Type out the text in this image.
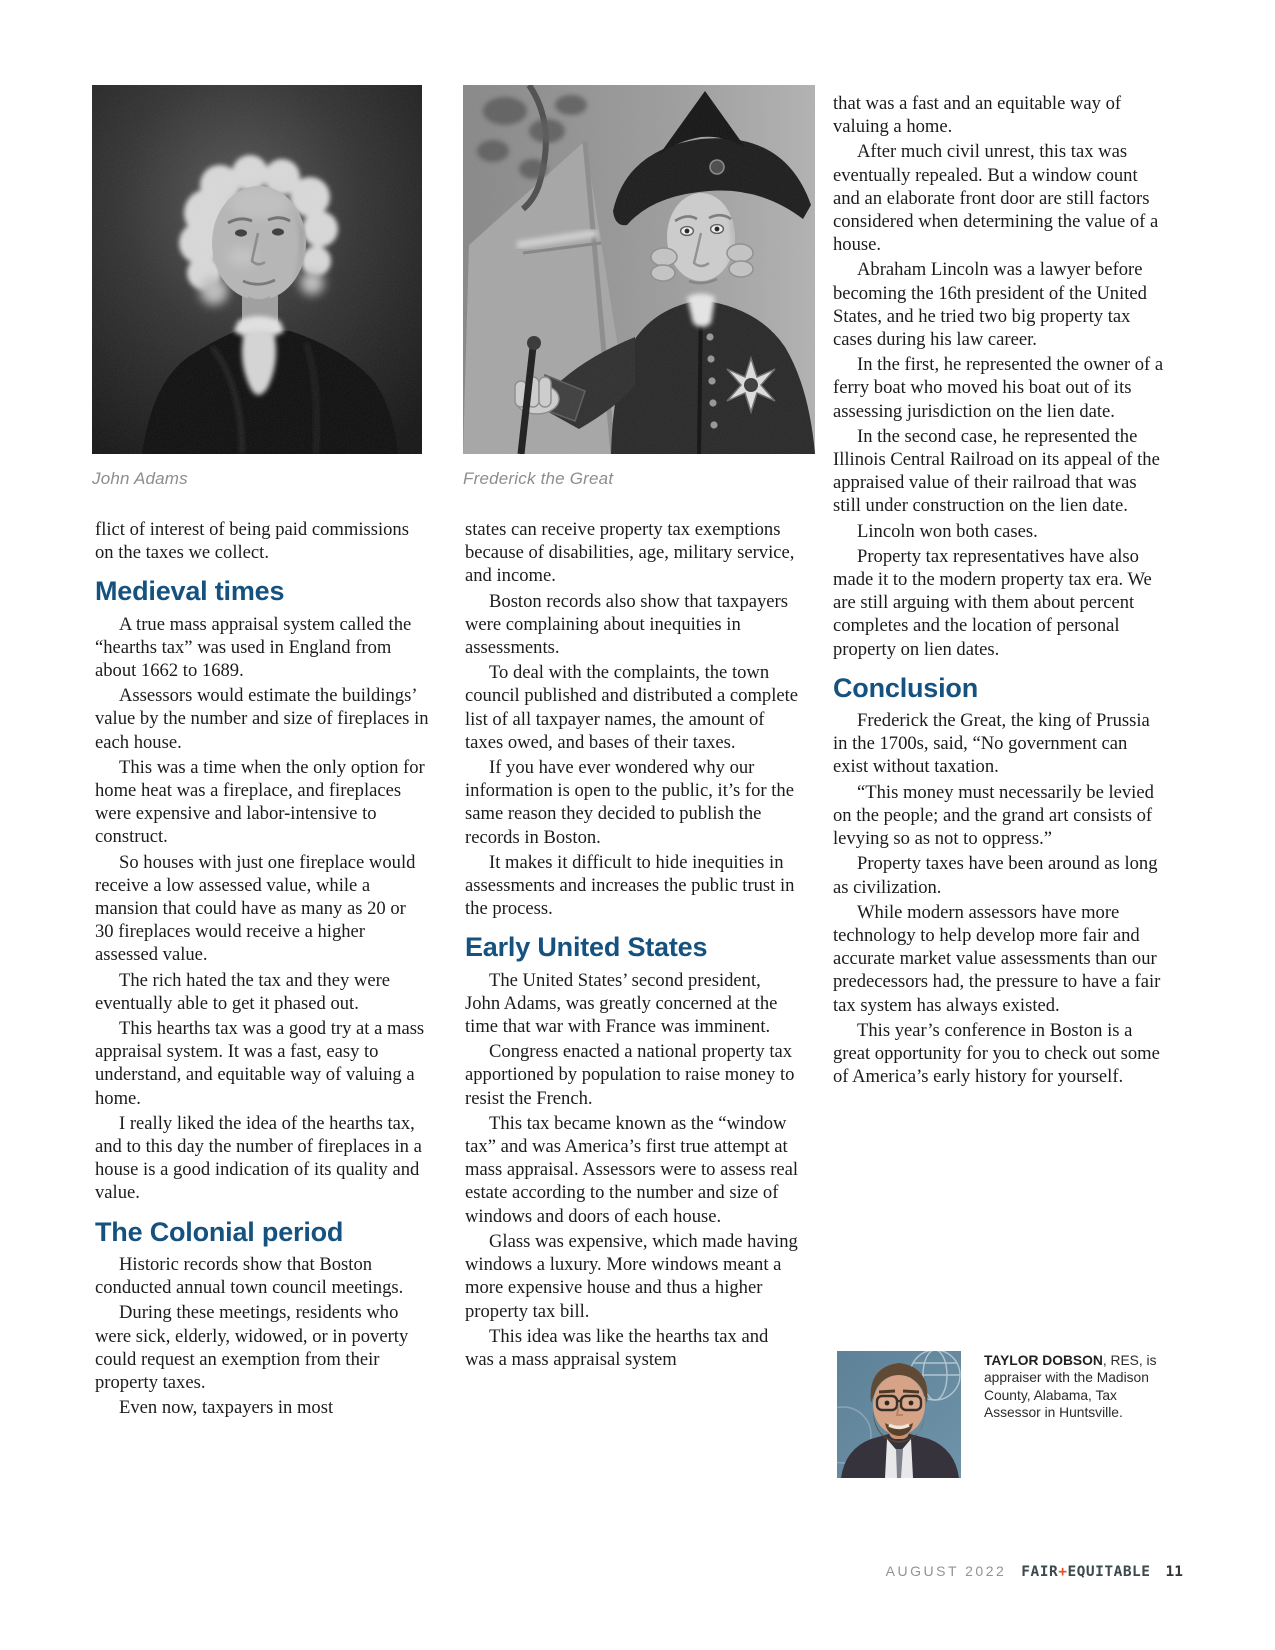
John Adams	Frederick the Great

flict of interest of being paid commissions on the taxes we collect.

Medieval times

A true mass appraisal system called the “hearths tax” was used in England from about 1662 to 1689.

Assessors would estimate the buildings’ value by the number and size of fireplaces in each house.

This was a time when the only option for home heat was a fireplace, and fireplaces were expensive and labor-intensive to construct.

So houses with just one fireplace would receive a low assessed value, while a mansion that could have as many as 20 or 30 fireplaces would receive a higher assessed value.

The rich hated the tax and they were eventually able to get it phased out.

This hearths tax was a good try at a mass appraisal system. It was a fast, easy to understand, and equitable way of valuing a home.

I really liked the idea of the hearths tax, and to this day the number of fireplaces in a house is a good indication of its quality and value.

The Colonial period

Historic records show that Boston conducted annual town council meetings.

During these meetings, residents who were sick, elderly, widowed, or in poverty could request an exemption from their property taxes.

Even now, taxpayers in most

states can receive property tax exemptions because of disabilities, age, military service, and income.

Boston records also show that taxpayers were complaining about inequities in assessments.

To deal with the complaints, the town council published and distributed a complete list of all taxpayer names, the amount of taxes owed, and bases of their taxes.

If you have ever wondered why our information is open to the public, it’s for the same reason they decided to publish the records in Boston.

It makes it difficult to hide inequities in assessments and increases the public trust in the process.

Early United States

The United States’ second president, John Adams, was greatly concerned at the time that war with France was imminent.

Congress enacted a national property tax apportioned by population to raise money to resist the French.

This tax became known as the “window tax” and was America’s first true attempt at mass appraisal. Assessors were to assess real estate according to the number and size of windows and doors of each house.

Glass was expensive, which made having windows a luxury. More windows meant a more expensive house and thus a higher property tax bill.

This idea was like the hearths tax and was a mass appraisal system

that was a fast and an equitable way of valuing a home.

After much civil unrest, this tax was eventually repealed. But a window count and an elaborate front door are still factors considered when determining the value of a house.

Abraham Lincoln was a lawyer before becoming the 16th president of the United States, and he tried two big property tax cases during his law career.

In the first, he represented the owner of a ferry boat who moved his boat out of its assessing jurisdiction on the lien date.

In the second case, he represented the Illinois Central Railroad on its appeal of the appraised value of their railroad that was still under construction on the lien date.

Lincoln won both cases.

Property tax representatives have also made it to the modern property tax era. We are still arguing with them about percent completes and the location of personal property on lien dates.

Conclusion

Frederick the Great, the king of Prussia in the 1700s, said, “No government can exist without taxation.

“This money must necessarily be levied on the people; and the grand art consists of levying so as not to oppress.”

Property taxes have been around as long as civilization.

While modern assessors have more technology to help develop more fair and accurate market value assessments than our predecessors had, the pressure to have a fair tax system has always existed.

This year’s conference in Boston is a great opportunity for you to check out some of America’s early history for yourself.

TAYLOR DOBSON, RES, is appraiser with the Madison County, Alabama, Tax Assessor in Huntsville.
AUGUST 2022 FAIR+EQUITABLE 11
